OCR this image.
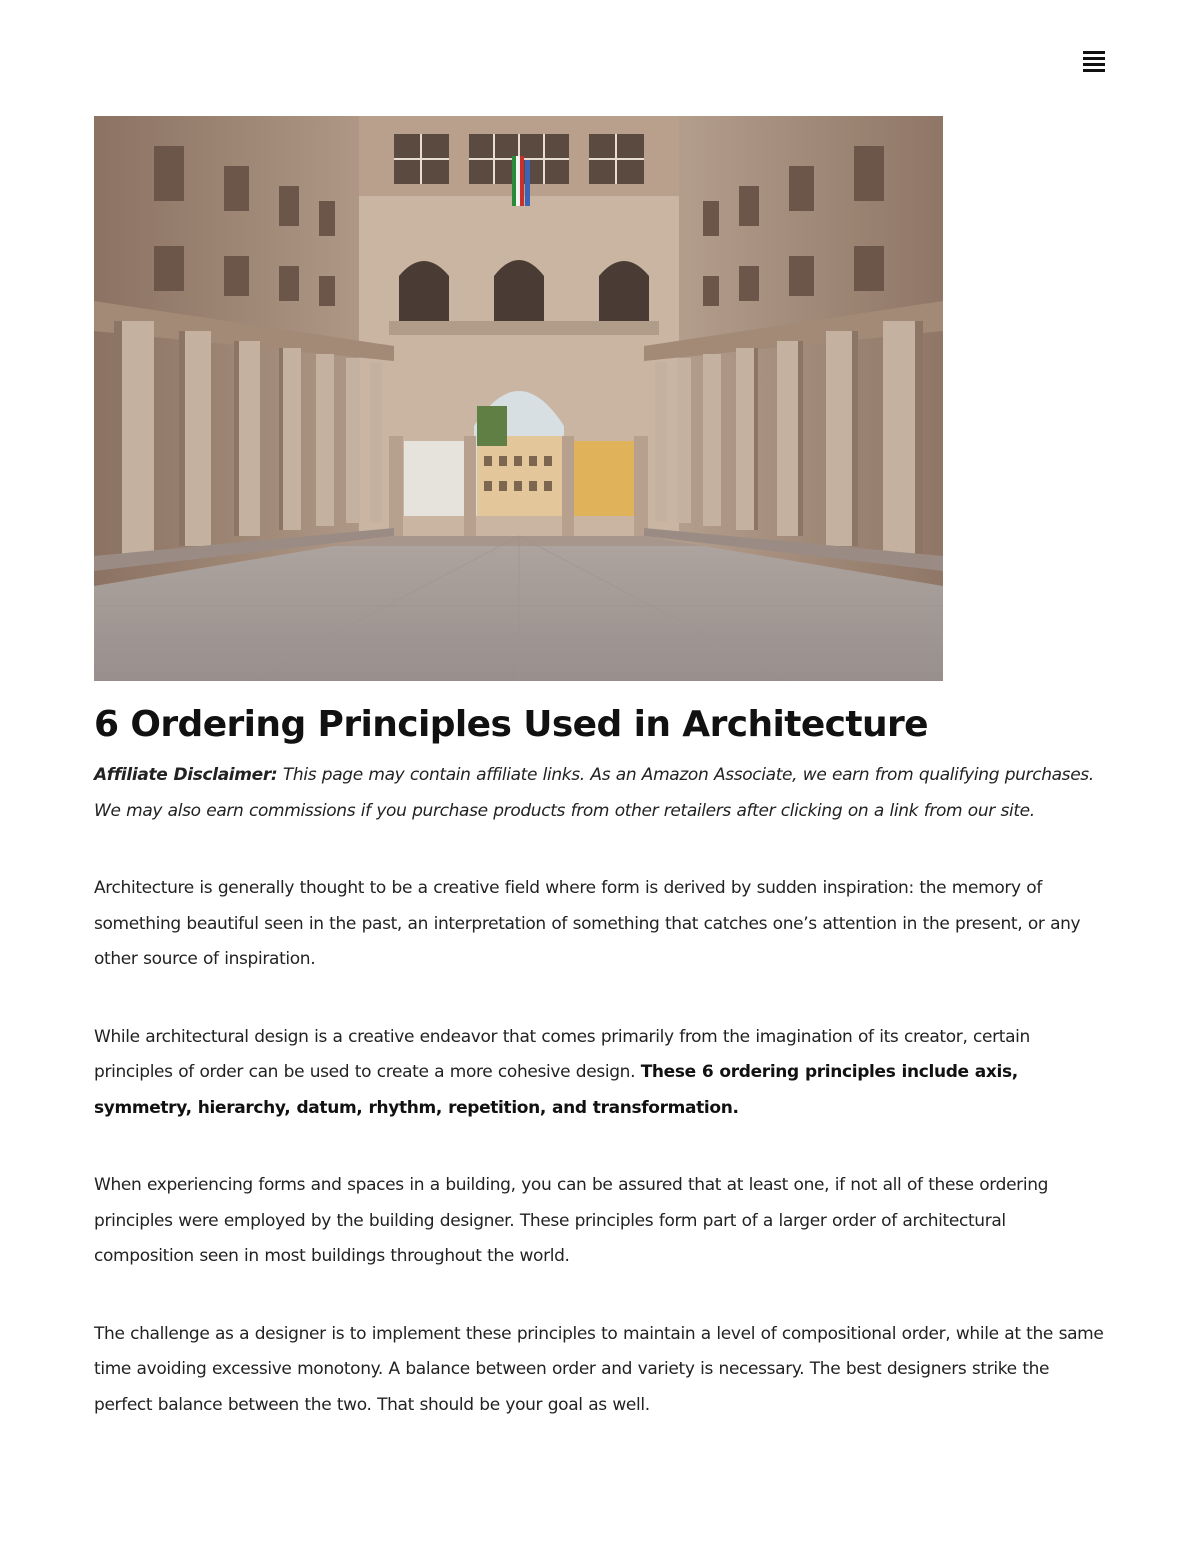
6 Ordering Principles Used in Architecture

Affiliate Disclaimer: This page may contain affiliate links. As an Amazon Associate, we earn from qualifying purchases. We may also earn commissions if you purchase products from other retailers after clicking on a link from our site.

Architecture is generally thought to be a creative field where form is derived by sudden inspiration: the memory of something beautiful seen in the past, an interpretation of something that catches one’s attention in the present, or any other source of inspiration.

While architectural design is a creative endeavor that comes primarily from the imagination of its creator, certain principles of order can be used to create a more cohesive design. These 6 ordering principles include axis, symmetry, hierarchy, datum, rhythm, repetition, and transformation.

When experiencing forms and spaces in a building, you can be assured that at least one, if not all of these ordering principles were employed by the building designer. These principles form part of a larger order of architectural composition seen in most buildings throughout the world.

The challenge as a designer is to implement these principles to maintain a level of compositional order, while at the same time avoiding excessive monotony. A balance between order and variety is necessary. The best designers strike the perfect balance between the two. That should be your goal as well.
